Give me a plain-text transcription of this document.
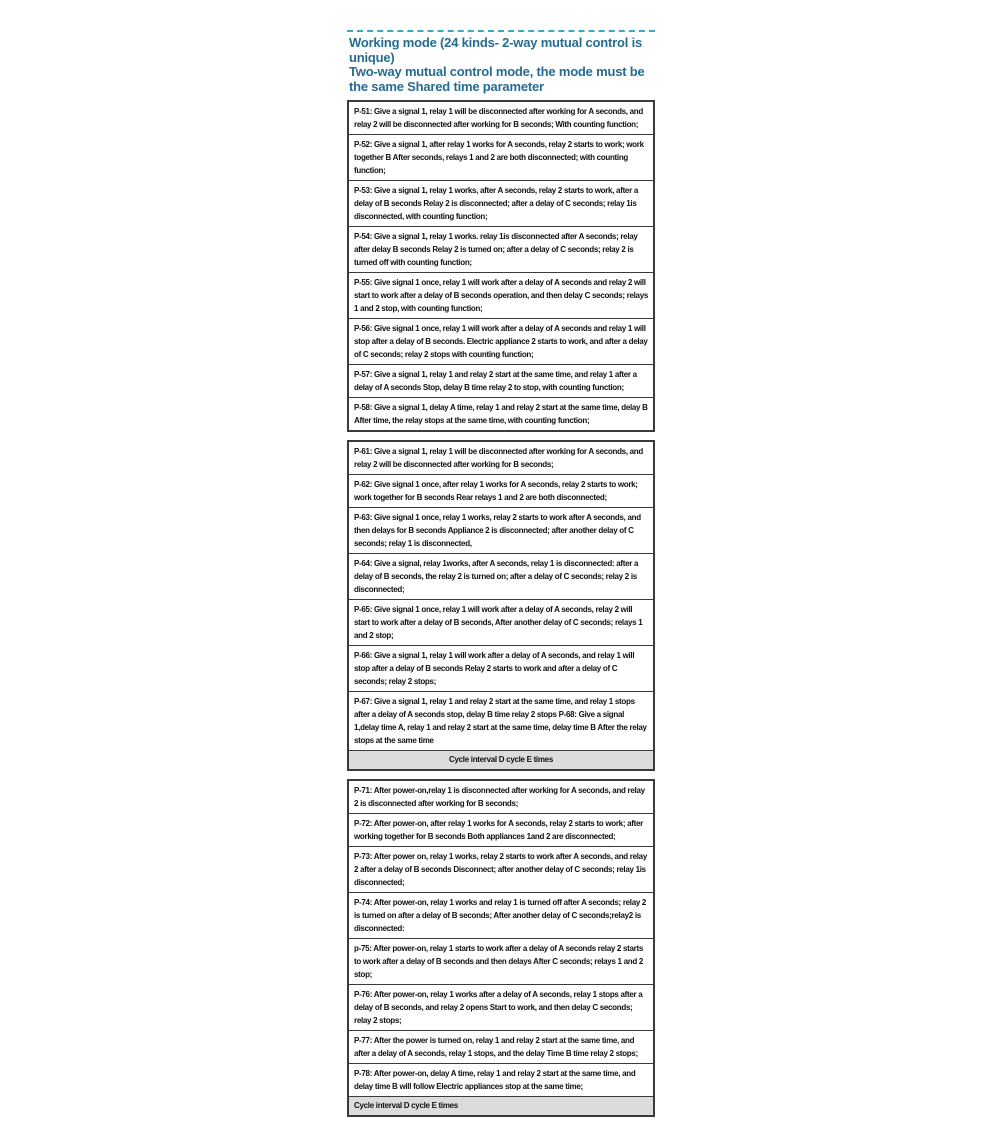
Working mode (24 kinds- 2-way mutual control is unique)
Two-way mutual control mode, the mode must be the same Shared time parameter
P-51: Give a signal 1, relay 1 will be disconnected after working for A seconds, and relay 2 will be disconnected after working for B seconds; With counting function;
P-52: Give a signal 1, after relay 1 works for A seconds, relay 2 starts to work; work together B After seconds, relays 1 and 2 are both disconnected; with counting function;
P-53: Give a signal 1, relay 1 works, after A seconds, relay 2 starts to work, after a delay of B seconds Relay 2 is disconnected; after a delay of C seconds; relay 1is disconnected, with counting function;
P-54: Give a signal 1, relay 1 works. relay 1is disconnected after A seconds; relay after delay B seconds Relay 2 is turned on; after a delay of C seconds; relay 2 is turned off with counting function;
P-55: Give signal 1 once, relay 1 will work after a delay of A seconds and relay 2 will start to work after a delay of B seconds operation, and then delay C seconds; relays 1 and 2 stop, with counting function;
P-56: Give signal 1 once, relay 1 will work after a delay of A seconds and relay 1 will stop after a delay of B seconds. Electric appliance 2 starts to work, and after a delay of C seconds; relay 2 stops with counting function;
P-57: Give a signal 1, relay 1 and relay 2 start at the same time, and relay 1 after a delay of A seconds Stop, delay B time relay 2 to stop, with counting function;
P-58: Give a signal 1, delay A time, relay 1 and relay 2 start at the same time, delay B After time, the relay stops at the same time, with counting function;
P-61: Give a signal 1, relay 1 will be disconnected after working for A seconds, and relay 2 will be disconnected after working for B seconds;
P-62: Give signal 1 once, after relay 1 works for A seconds, relay 2 starts to work; work together for B seconds Rear relays 1 and 2 are both disconnected;
P-63: Give signal 1 once, relay 1 works, relay 2 starts to work after A seconds, and then delays for B seconds Appliance 2 is disconnected; after another delay of C seconds; relay 1 is disconnected,
P-64: Give a signal, relay 1works, after A seconds, relay 1 is disconnected: after a delay of B seconds, the relay 2 is turned on; after a delay of C seconds; relay 2 is disconnected;
P-65: Give signal 1 once, relay 1 will work after a delay of A seconds, relay 2 will start to work after a delay of B seconds, After another delay of C seconds; relays 1 and 2 stop;
P-66: Give a signal 1, relay 1 will work after a delay of A seconds, and relay 1 will stop after a delay of B seconds Relay 2 starts to work and after a delay of C seconds; relay 2 stops;
P-67: Give a signal 1, relay 1 and relay 2 start at the same time, and relay 1 stops after a delay of A seconds stop, delay B time relay 2 stops P-68: Give a signal 1,delay time A, relay 1 and relay 2 start at the same time, delay time B After the relay stops at the same time
Cycle interval D cycle E times
P-71: After power-on,relay 1 is disconnected after working for A seconds, and relay 2 is disconnected after working for B seconds;
P-72: After power-on, after relay 1 works for A seconds, relay 2 starts to work; after working together for B seconds Both appliances 1and 2 are disconnected;
P-73: After power on, relay 1 works, relay 2 starts to work after A seconds, and relay 2 after a delay of B seconds Disconnect; after another delay of C seconds; relay 1is disconnected;
P-74: After power-on, relay 1 works and relay 1 is turned off after A seconds; relay 2 is turned on after a delay of B seconds; After another delay of C seconds;relay2 is disconnected:
p-75: After power-on, relay 1 starts to work after a delay of A seconds relay 2 starts to work after a delay of B seconds and then delays After C seconds; relays 1 and 2 stop;
P-76: After power-on, relay 1 works after a delay of A seconds, relay 1 stops after a delay of B seconds, and relay 2 opens Start to work, and then delay C seconds; relay 2 stops;
P-77: After the power is turned on, relay 1 and relay 2 start at the same time, and after a delay of A seconds, relay 1 stops, and the delay Time B time relay 2 stops;
P-78: After power-on, delay A time, relay 1 and relay 2 start at the same time, and delay time B will follow Electric appliances stop at the same time;
Cycle interval D cycle E times
